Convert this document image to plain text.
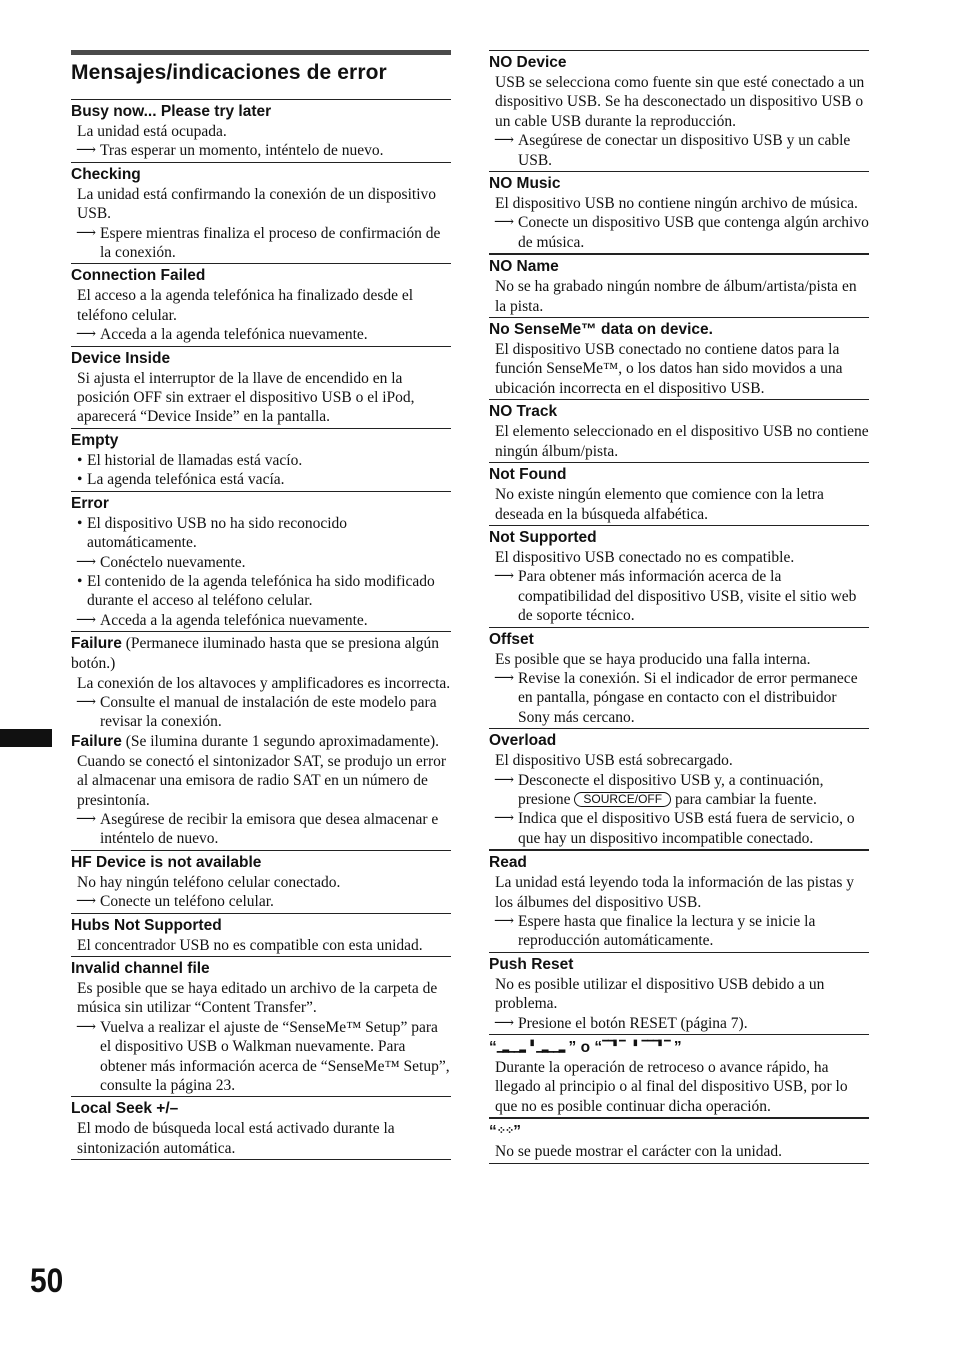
Mensajes/indicaciones de error
Busy now... Please try later
La unidad está ocupada.
⟶ Tras esperar un momento, inténtelo de nuevo.
Checking
La unidad está confirmando la conexión de un dispositivo USB.
⟶ Espere mientras finaliza el proceso de confirmación de la conexión.
Connection Failed
El acceso a la agenda telefónica ha finalizado desde el teléfono celular.
⟶ Acceda a la agenda telefónica nuevamente.
Device Inside
Si ajusta el interruptor de la llave de encendido en la posición OFF sin extraer el dispositivo USB o el iPod, aparecerá “Device Inside” en la pantalla.
Empty
• El historial de llamadas está vacío.
• La agenda telefónica está vacía.
Error
• El dispositivo USB no ha sido reconocido automáticamente.
⟶ Conéctelo nuevamente.
• El contenido de la agenda telefónica ha sido modificado durante el acceso al teléfono celular.
⟶ Acceda a la agenda telefónica nuevamente.
Failure (Permanece iluminado hasta que se presiona algún botón.)
La conexión de los altavoces y amplificadores es incorrecta.
⟶ Consulte el manual de instalación de este modelo para revisar la conexión.
Failure (Se ilumina durante 1 segundo aproximadamente).
Cuando se conectó el sintonizador SAT, se produjo un error al almacenar una emisora de radio SAT en un número de presintonía.
⟶ Asegúrese de recibir la emisora que desea almacenar e inténtelo de nuevo.
HF Device is not available
No hay ningún teléfono celular conectado.
⟶ Conecte un teléfono celular.
Hubs Not Supported
El concentrador USB no es compatible con esta unidad.
Invalid channel file
Es posible que se haya editado un archivo de la carpeta de música sin utilizar “Content Transfer”.
⟶ Vuelva a realizar el ajuste de “SenseMe™ Setup” para el dispositivo USB o Walkman nuevamente. Para obtener más información acerca de “SenseMe™ Setup”, consulte la página 23.
Local Seek +/–
El modo de búsqueda local está activado durante la sintonización automática.
NO Device
USB se selecciona como fuente sin que esté conectado a un dispositivo USB. Se ha desconectado un dispositivo USB o un cable USB durante la reproducción.
⟶ Asegúrese de conectar un dispositivo USB y un cable USB.
NO Music
El dispositivo USB no contiene ningún archivo de música.
⟶ Conecte un dispositivo USB que contenga algún archivo de música.
NO Name
No se ha grabado ningún nombre de álbum/artista/pista en la pista.
No SenseMe™ data on device.
El dispositivo USB conectado no contiene datos para la función SenseMe™, o los datos han sido movidos a una ubicación incorrecta en el dispositivo USB.
NO Track
El elemento seleccionado en el dispositivo USB no contiene ningún álbum/pista.
Not Found
No existe ningún elemento que comience con la letra deseada en la búsqueda alfabética.
Not Supported
El dispositivo USB conectado no es compatible.
⟶ Para obtener más información acerca de la compatibilidad del dispositivo USB, visite el sitio web de soporte técnico.
Offset
Es posible que se haya producido una falla interna.
⟶ Revise la conexión. Si el indicador de error permanece en pantalla, póngase en contacto con el distribuidor Sony más cercano.
Overload
El dispositivo USB está sobrecargado.
⟶ Desconecte el dispositivo USB y, a continuación, presione SOURCE/OFF para cambiar la fuente.
⟶ Indica que el dispositivo USB está fuera de servicio, o que hay un dispositivo incompatible conectado.
Read
La unidad está leyendo toda la información de las pistas y los álbumes del dispositivo USB.
⟶ Espere hasta que finalice la lectura y se inicie la reproducción automáticamente.
Push Reset
No es posible utilizar el dispositivo USB debido a un problema.
⟶ Presione el botón RESET (página 7).
“▁▂▁▁▂ ▘▁▂▁▁▂ ” o “▔▔▘▔ ▝ ▔▔▔▘▔ ”
Durante la operación de retroceso o avance rápido, ha llegado al principio o al final del dispositivo USB, por lo que no es posible continuar dicha operación.
“⁘⁘”
No se puede mostrar el carácter con la unidad.
50
